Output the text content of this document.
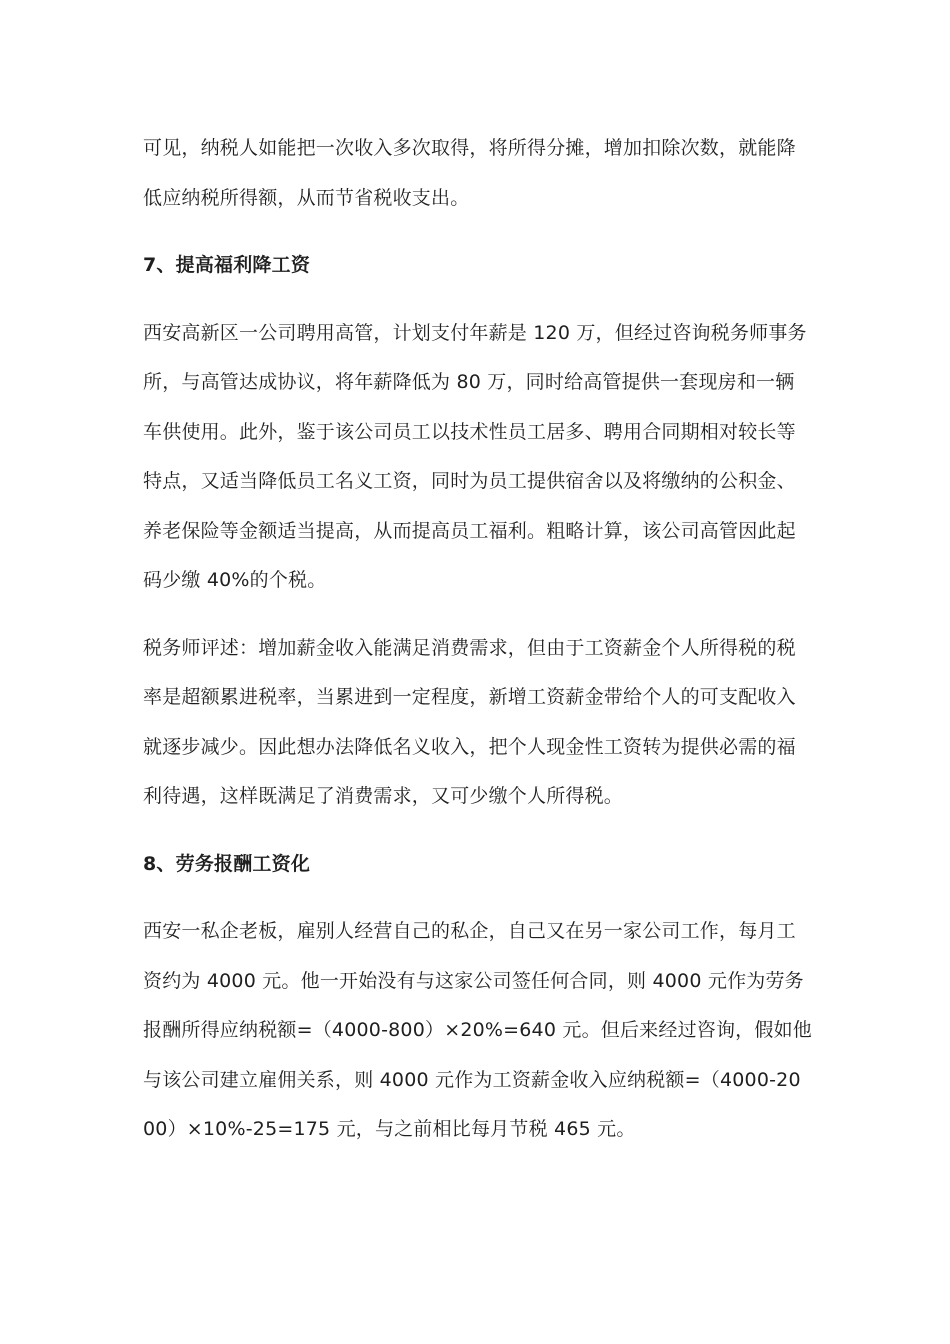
可见，纳税人如能把一次收入多次取得，将所得分摊，增加扣除次数，就能降低应纳税所得额，从而节省税收支出。

7、提高福利降工资

西安高新区一公司聘用高管，计划支付年薪是 120 万，但经过咨询税务师事务所，与高管达成协议，将年薪降低为 80 万，同时给高管提供一套现房和一辆车供使用。此外，鉴于该公司员工以技术性员工居多、聘用合同期相对较长等特点，又适当降低员工名义工资，同时为员工提供宿舍以及将缴纳的公积金、养老保险等金额适当提高，从而提高员工福利。粗略计算，该公司高管因此起码少缴 40%的个税。

税务师评述：增加薪金收入能满足消费需求，但由于工资薪金个人所得税的税率是超额累进税率，当累进到一定程度，新增工资薪金带给个人的可支配收入就逐步减少。因此想办法降低名义收入，把个人现金性工资转为提供必需的福利待遇，这样既满足了消费需求，又可少缴个人所得税。

8、劳务报酬工资化

西安一私企老板，雇别人经营自己的私企，自己又在另一家公司工作，每月工资约为 4000 元。他一开始没有与这家公司签任何合同，则 4000 元作为劳务报酬所得应纳税额=（4000-800）×20%=640 元。但后来经过咨询，假如他与该公司建立雇佣关系，则 4000 元作为工资薪金收入应纳税额=（4000-2000）×10%-25=175 元，与之前相比每月节税 465 元。
